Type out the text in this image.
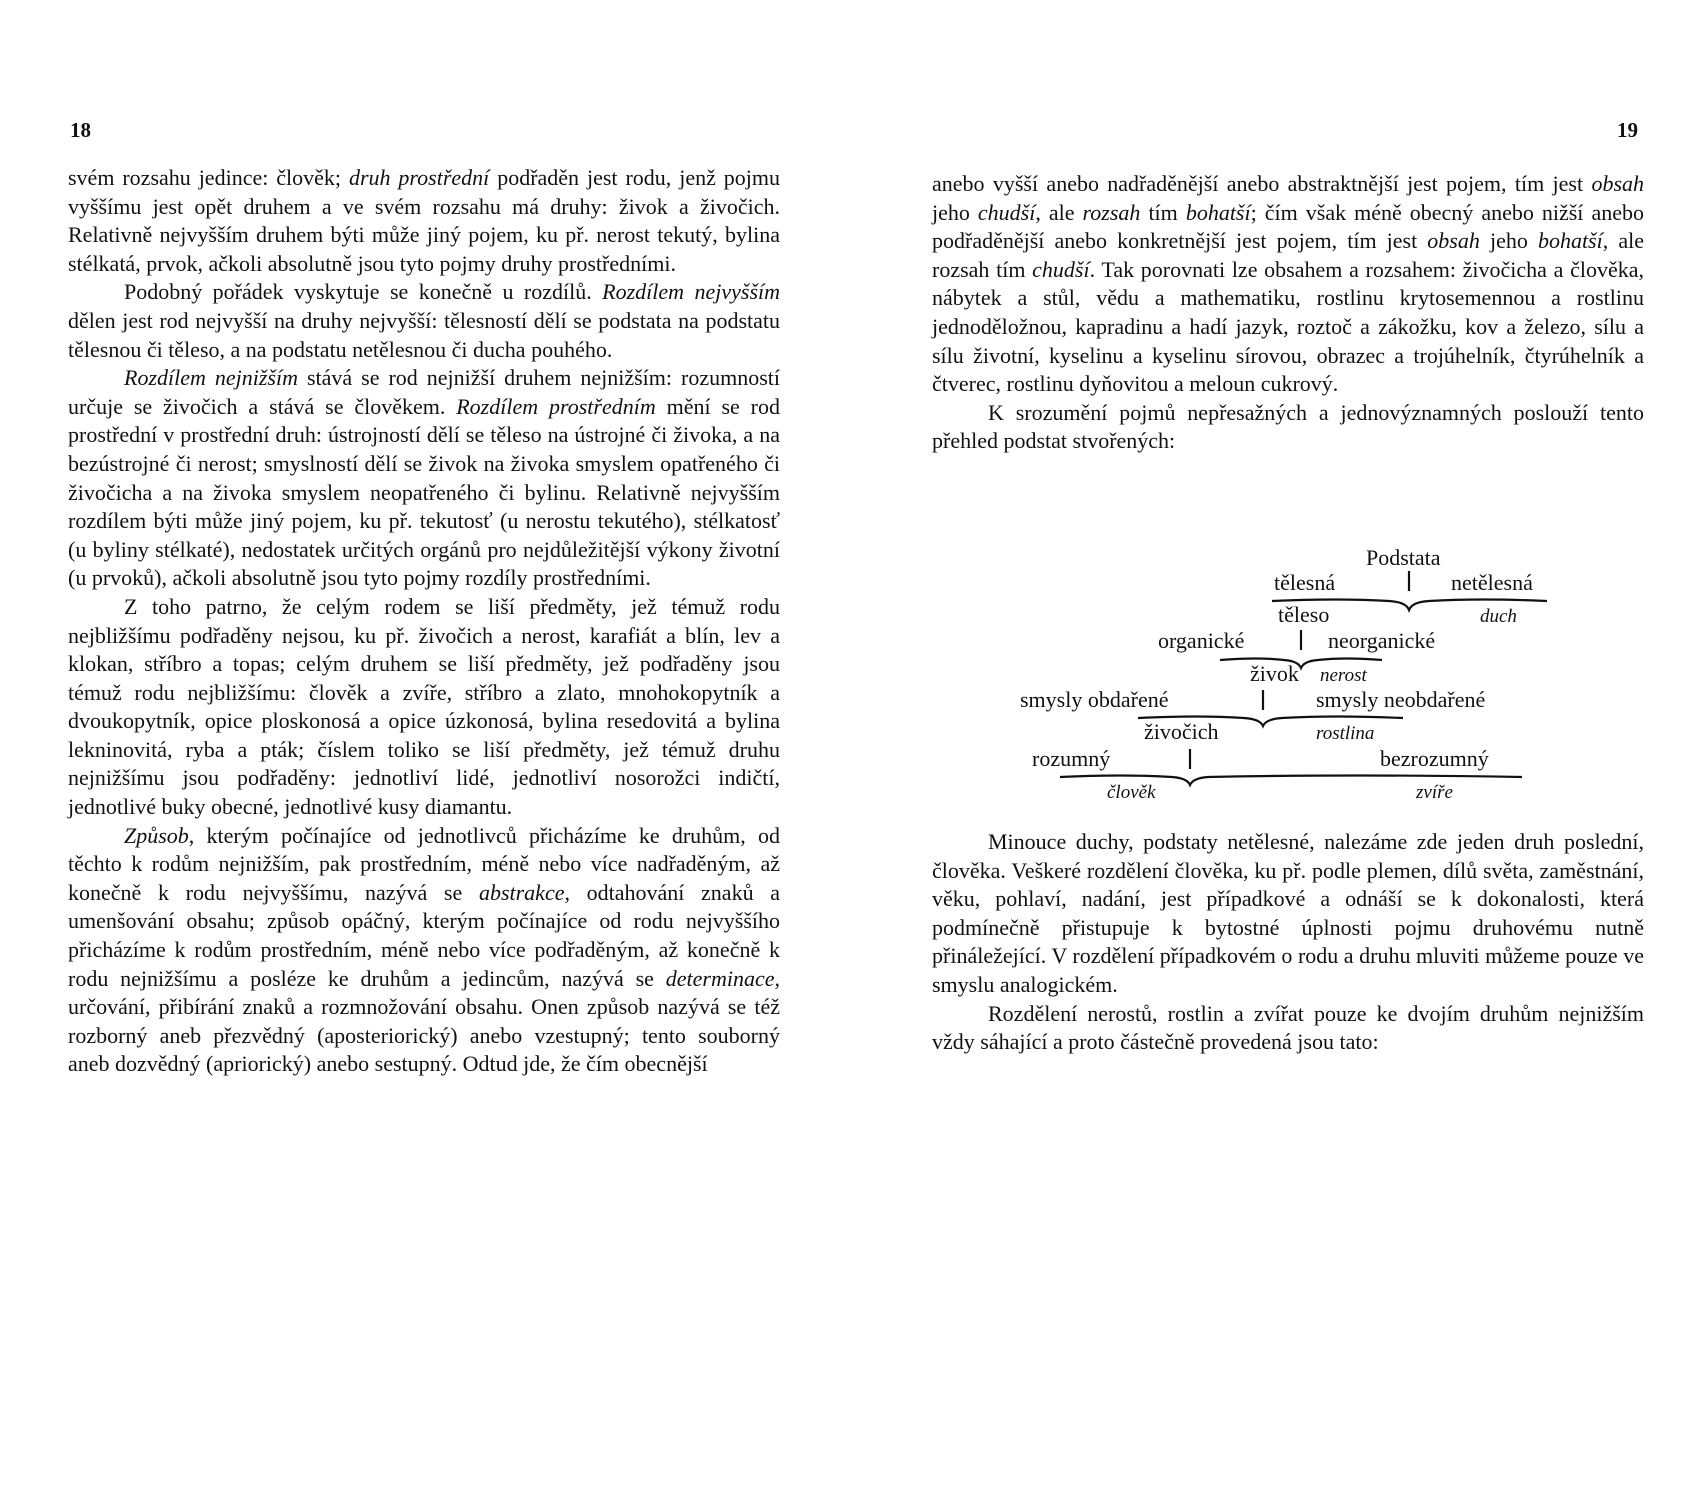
18

svém rozsahu jedince: člověk; druh prostřední podřaděn jest rodu, jenž pojmu vyššímu jest opět druhem a ve svém rozsahu má druhy: živok a živočich. Relativně nejvyšším druhem býti může jiný pojem, ku př. nerost tekutý, bylina stélkatá, prvok, ačkoli absolutně jsou tyto pojmy druhy prostředními.

Podobný pořádek vyskytuje se konečně u rozdílů. Rozdílem nejvyšším dělen jest rod nejvyšší na druhy nejvyšší: tělesností dělí se podstata na podstatu tělesnou či těleso, a na podstatu netělesnou či ducha pouhého.

Rozdílem nejnižším stává se rod nejnižší druhem nejnižším: rozumností určuje se živočich a stává se člověkem. Rozdílem prostředním mění se rod prostřední v prostřední druh: ústrojností dělí se těleso na ústrojné či živoka, a na bezústrojné či nerost; smyslností dělí se živok na živoka smyslem opatřeného či živočicha a na živoka smyslem neopatřeného či bylinu. Relativně nejvyšším rozdílem býti může jiný pojem, ku př. tekutosť (u nerostu tekutého), stélkatosť (u byliny stélkaté), nedostatek určitých orgánů pro nejdůležitější výkony životní (u prvoků), ačkoli absolutně jsou tyto pojmy rozdíly prostředními.

Z toho patrno, že celým rodem se liší předměty, jež témuž rodu nejbližšímu podřaděny nejsou, ku př. živočich a nerost, karafiát a blín, lev a klokan, stříbro a topas; celým druhem se liší předměty, jež podřaděny jsou témuž rodu nejbližšímu: člověk a zvíře, stříbro a zlato, mnohokopytník a dvoukopytník, opice ploskonosá a opice úzkonosá, bylina resedovitá a bylina lekninovitá, ryba a pták; číslem toliko se liší předměty, jež témuž druhu nejnižšímu jsou podřaděny: jednotliví lidé, jednotliví nosorožci indičtí, jednotlivé buky obecné, jednotlivé kusy diamantu.

Způsob, kterým počínajíce od jednotlivců přicházíme ke druhům, od těchto k rodům nejnižším, pak prostředním, méně nebo více nadřaděným, až konečně k rodu nejvyššímu, nazývá se abstrakce, odtahování znaků a umenšování obsahu; způsob opáčný, kterým počínajíce od rodu nejvyššího přicházíme k rodům prostředním, méně nebo více podřaděným, až konečně k rodu nejnižšímu a posléze ke druhům a jedincům, nazývá se determinace, určování, přibírání znaků a rozmnožování obsahu. Onen způsob nazývá se též rozborný aneb přezvědný (aposteriorický) anebo vzestupný; tento souborný aneb dozvědný (apriorický) anebo sestupný. Odtud jde, že čím obecnější

19

anebo vyšší anebo nadřaděnější anebo abstraktnější jest pojem, tím jest obsah jeho chudší, ale rozsah tím bohatší; čím však méně obecný anebo nižší anebo podřaděnější anebo konkretnější jest pojem, tím jest obsah jeho bohatší, ale rozsah tím chudší. Tak porovnati lze obsahem a rozsahem: živočicha a člověka, nábytek a stůl, vědu a mathematiku, rostlinu krytosemennou a rostlinu jednoděložnou, kapradinu a hadí jazyk, roztoč a zákožku, kov a železo, sílu a sílu životní, kyselinu a kyselinu sírovou, obrazec a trojúhelník, čtyrúhelník a čtverec, rostlinu dyňovitou a meloun cukrový.

K srozumění pojmů nepřesažných a jednovýznamných poslouží tento přehled podstat stvořených:

Podstata
tělesná	netělesná
těleso	duch
organické	neorganické
živok nerost
smysly obdařené	smysly neobdařené
živočich	rostlina
rozumný	bezrozumný
člověk	zvíře

Minouce duchy, podstaty netělesné, nalezáme zde jeden druh poslední, člověka. Veškeré rozdělení člověka, ku př. podle plemen, dílů světa, zaměstnání, věku, pohlaví, nadání, jest případkové a odnáší se k dokonalosti, která podmínečně přistupuje k bytostné úplnosti pojmu druhovému nutně přináležející. V rozdělení případkovém o rodu a druhu mluviti můžeme pouze ve smyslu analogickém.

Rozdělení nerostů, rostlin a zvířat pouze ke dvojím druhům nejnižším vždy sáhající a proto částečně provedená jsou tato:
